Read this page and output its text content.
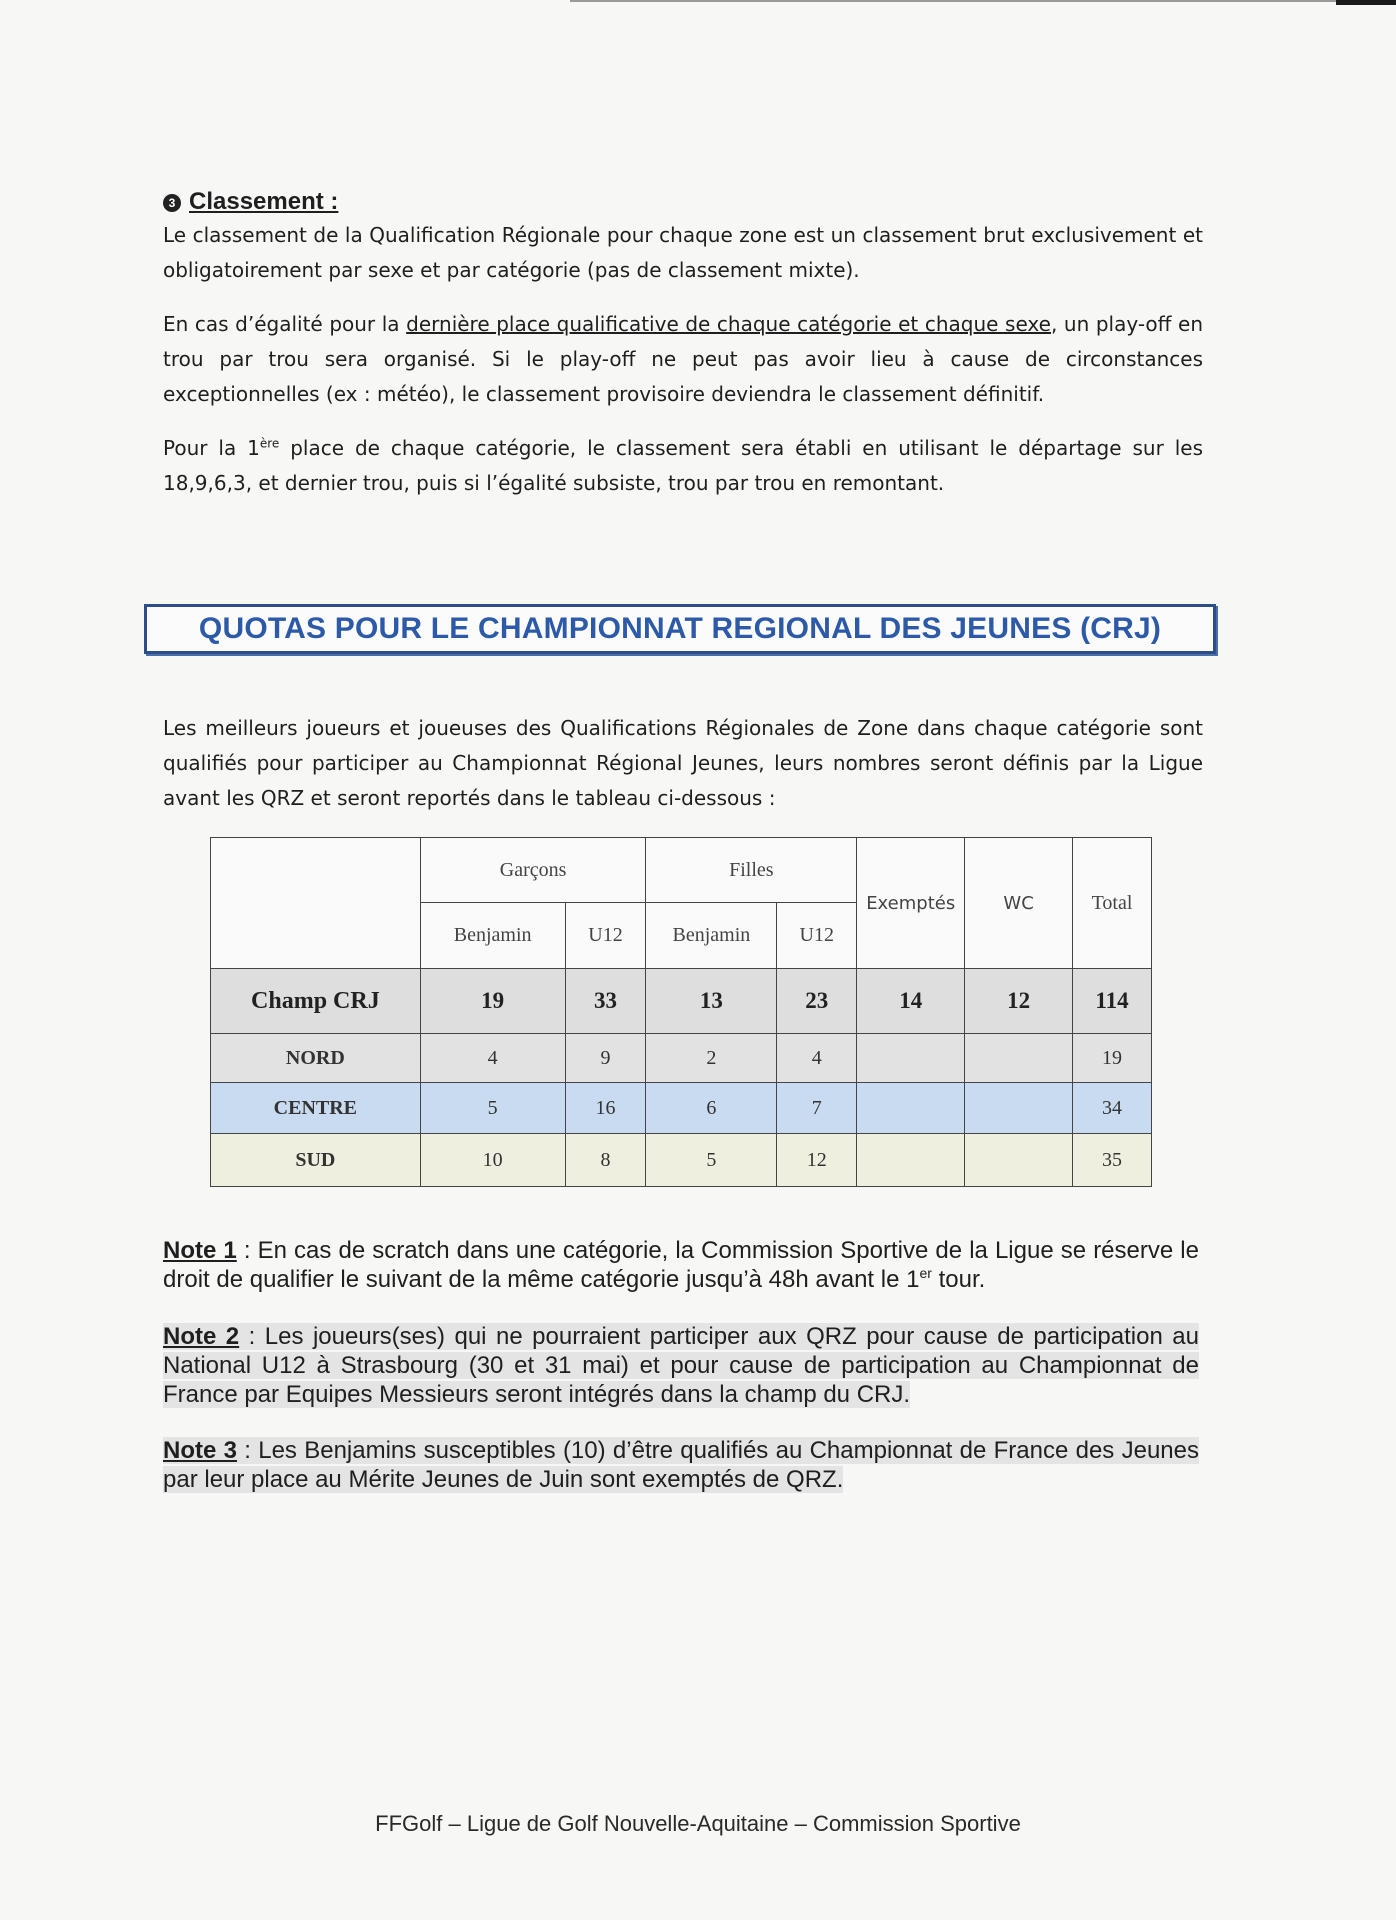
3 Classement :
Le classement de la Qualification Régionale pour chaque zone est un classement brut exclusivement et obligatoirement par sexe et par catégorie (pas de classement mixte).
En cas d’égalité pour la dernière place qualificative de chaque catégorie et chaque sexe, un play-off en trou par trou sera organisé. Si le play-off ne peut pas avoir lieu à cause de circonstances exceptionnelles (ex : météo), le classement provisoire deviendra le classement définitif.
Pour la 1ère place de chaque catégorie, le classement sera établi en utilisant le départage sur les 18,9,6,3, et dernier trou, puis si l’égalité subsiste, trou par trou en remontant.
QUOTAS POUR LE CHAMPIONNAT REGIONAL DES JEUNES (CRJ)
Les meilleurs joueurs et joueuses des Qualifications Régionales de Zone dans chaque catégorie sont qualifiés pour participer au Championnat Régional Jeunes, leurs nombres seront définis par la Ligue avant les QRZ et seront reportés dans le tableau ci-dessous :
	Garçons		Filles		Exemptés	WC	Total
	Benjamin	U12	Benjamin	U12			
Champ CRJ	19	33	13	23	14	12	114
NORD	4	9	2	4			19
CENTRE	5	16	6	7			34
SUD	10	8	5	12			35
Note 1 : En cas de scratch dans une catégorie, la Commission Sportive de la Ligue se réserve le droit de qualifier le suivant de la même catégorie jusqu’à 48h avant le 1er tour.
Note 2 : Les joueurs(ses) qui ne pourraient participer aux QRZ pour cause de participation au National U12 à Strasbourg (30 et 31 mai) et pour cause de participation au Championnat de France par Equipes Messieurs seront intégrés dans la champ du CRJ.
Note 3 : Les Benjamins susceptibles (10) d’être qualifiés au Championnat de France des Jeunes par leur place au Mérite Jeunes de Juin sont exemptés de QRZ.
FFGolf – Ligue de Golf Nouvelle-Aquitaine – Commission Sportive
